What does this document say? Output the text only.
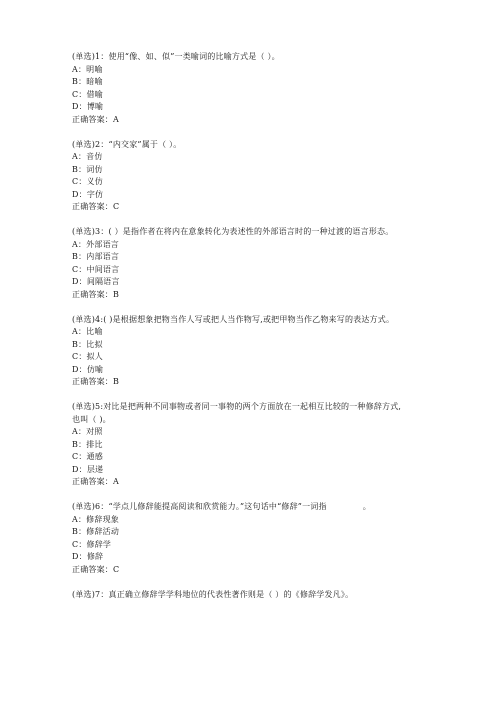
(单选)1：使用“像、如、似”一类喻词的比喻方式是（ ）。
A：明喻
B：暗喻
C：借喻
D：博喻
正确答案：A
(单选)2：“内交家”属于（ ）。
A：音仿
B：词仿
C：义仿
D：字仿
正确答案：C
(单选)3：( ）是指作者在将内在意象转化为表述性的外部语言时的一种过渡的语言形态。
A：外部语言
B：内部语言
C：中间语言
D：间隔语言
正确答案：B
(单选)4:( )是根据想象把物当作人写或把人当作物写,或把甲物当作乙物来写的表达方式。
A：比喻
B：比拟
C：拟人
D：仿喻
正确答案：B
(单选)5:对比是把两种不同事物或者同一事物的两个方面放在一起相互比较的一种修辞方式,
也叫（ )。
A：对照
B：排比
C：通感
D：层递
正确答案：A
(单选)6：“学点儿修辞能提高阅读和欣赏能力。”这句话中“修辞”一词指	。
A：修辞现象
B：修辞活动
C：修辞学
D：修辞
正确答案：C
(单选)7：真正确立修辞学学科地位的代表性著作则是（ ）的《修辞学发凡》。
